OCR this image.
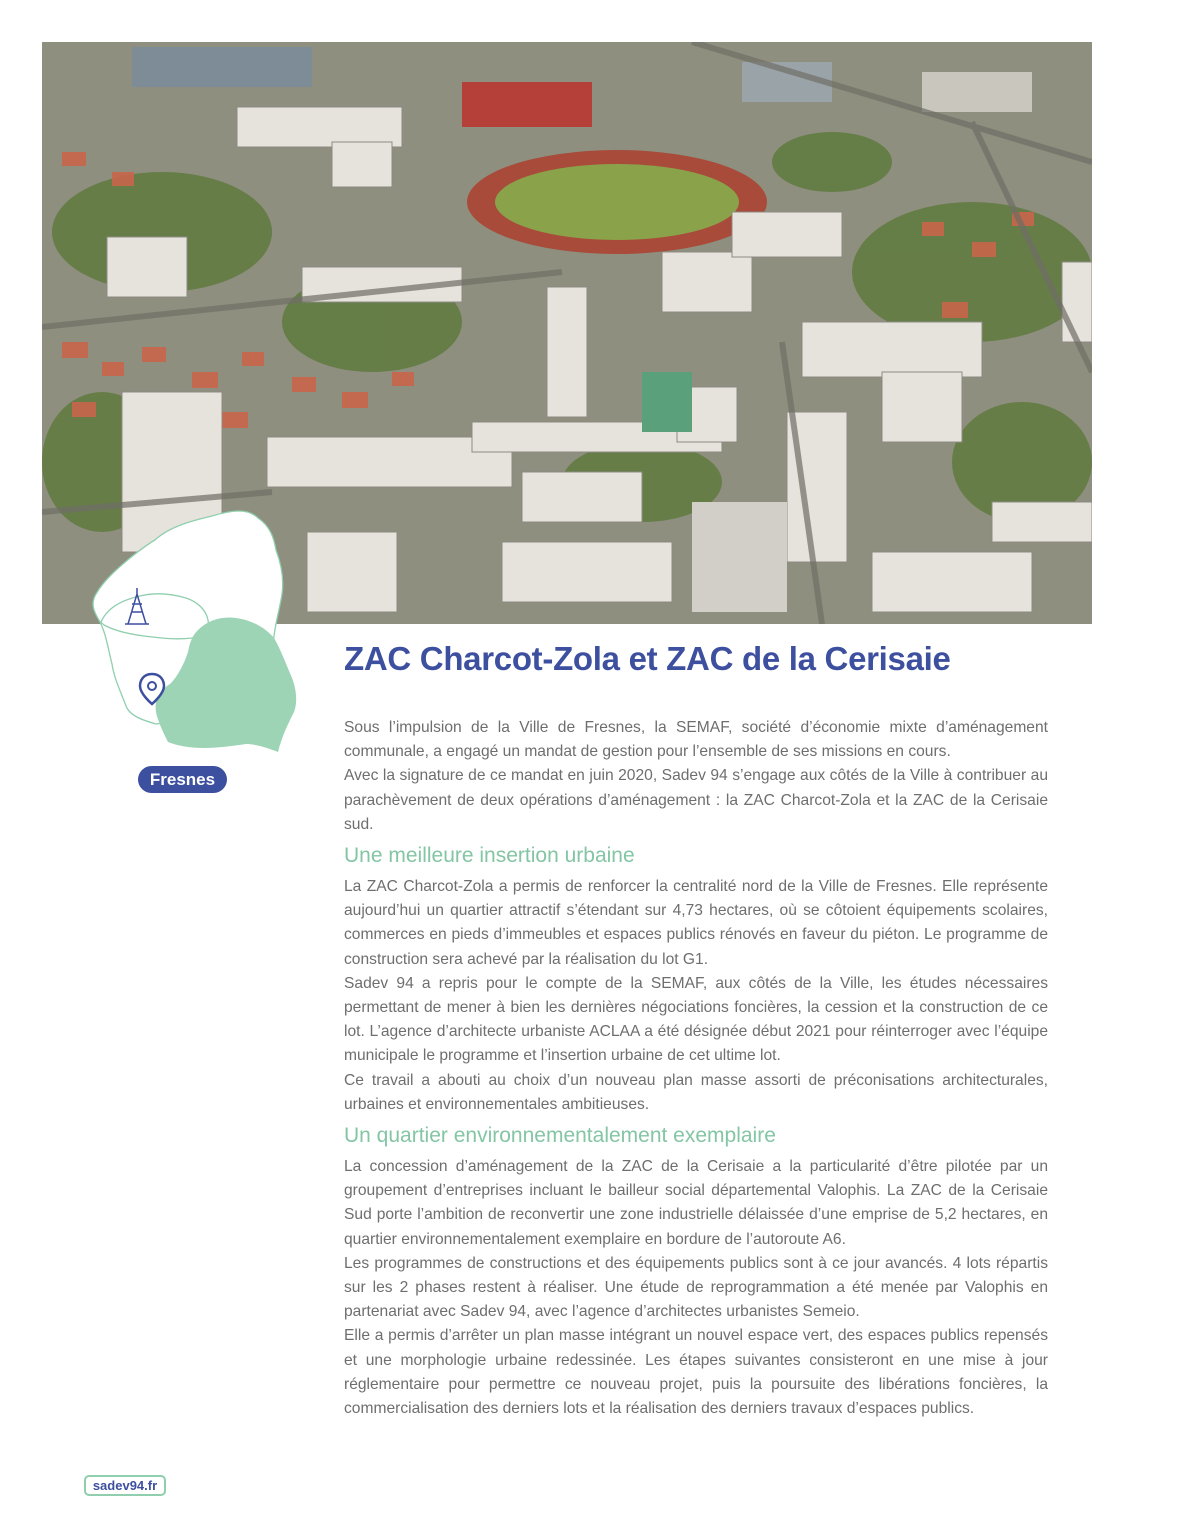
Fresnes
ZAC Charcot-Zola et ZAC de la Cerisaie

Sous l’impulsion de la Ville de Fresnes, la SEMAF, société d’économie mixte d’aménagement communale, a engagé un mandat de gestion pour l’ensemble de ses missions en cours.

Avec la signature de ce mandat en juin 2020, Sadev 94 s’engage aux côtés de la Ville à contribuer au parachèvement de deux opérations d’aménagement : la ZAC Charcot-Zola et la ZAC de la Cerisaie sud.

Une meilleure insertion urbaine

La ZAC Charcot-Zola a permis de renforcer la centralité nord de la Ville de Fresnes. Elle représente aujourd’hui un quartier attractif s’étendant sur 4,73 hectares, où se côtoient équipements scolaires, commerces en pieds d’immeubles et espaces publics rénovés en faveur du piéton. Le programme de construction sera achevé par la réalisation du lot G1.

Sadev 94 a repris pour le compte de la SEMAF, aux côtés de la Ville, les études nécessaires permettant de mener à bien les dernières négociations foncières, la cession et la construction de ce lot. L’agence d’architecte urbaniste ACLAA a été désignée début 2021 pour réinterroger avec l’équipe municipale le programme et l’insertion urbaine de cet ultime lot.

Ce travail a abouti au choix d’un nouveau plan masse assorti de préconisations architecturales, urbaines et environnementales ambitieuses.

Un quartier environnementalement exemplaire

La concession d’aménagement de la ZAC de la Cerisaie a la particularité d’être pilotée par un groupement d’entreprises incluant le bailleur social départemental Valophis. La ZAC de la Cerisaie Sud porte l’ambition de reconvertir une zone industrielle délaissée d’une emprise de 5,2 hectares, en quartier environnementalement exemplaire en bordure de l’autoroute A6.

Les programmes de constructions et des équipements publics sont à ce jour avancés. 4 lots répartis sur les 2 phases restent à réaliser. Une étude de reprogrammation a été menée par Valophis en partenariat avec Sadev 94, avec l’agence d’architectes urbanistes Semeio.

Elle a permis d’arrêter un plan masse intégrant un nouvel espace vert, des espaces publics repensés et une morphologie urbaine redessinée. Les étapes suivantes consisteront en une mise à jour réglementaire pour permettre ce nouveau projet, puis la poursuite des libérations foncières, la commercialisation des derniers lots et la réalisation des derniers travaux d’espaces publics.

sadev94.fr
